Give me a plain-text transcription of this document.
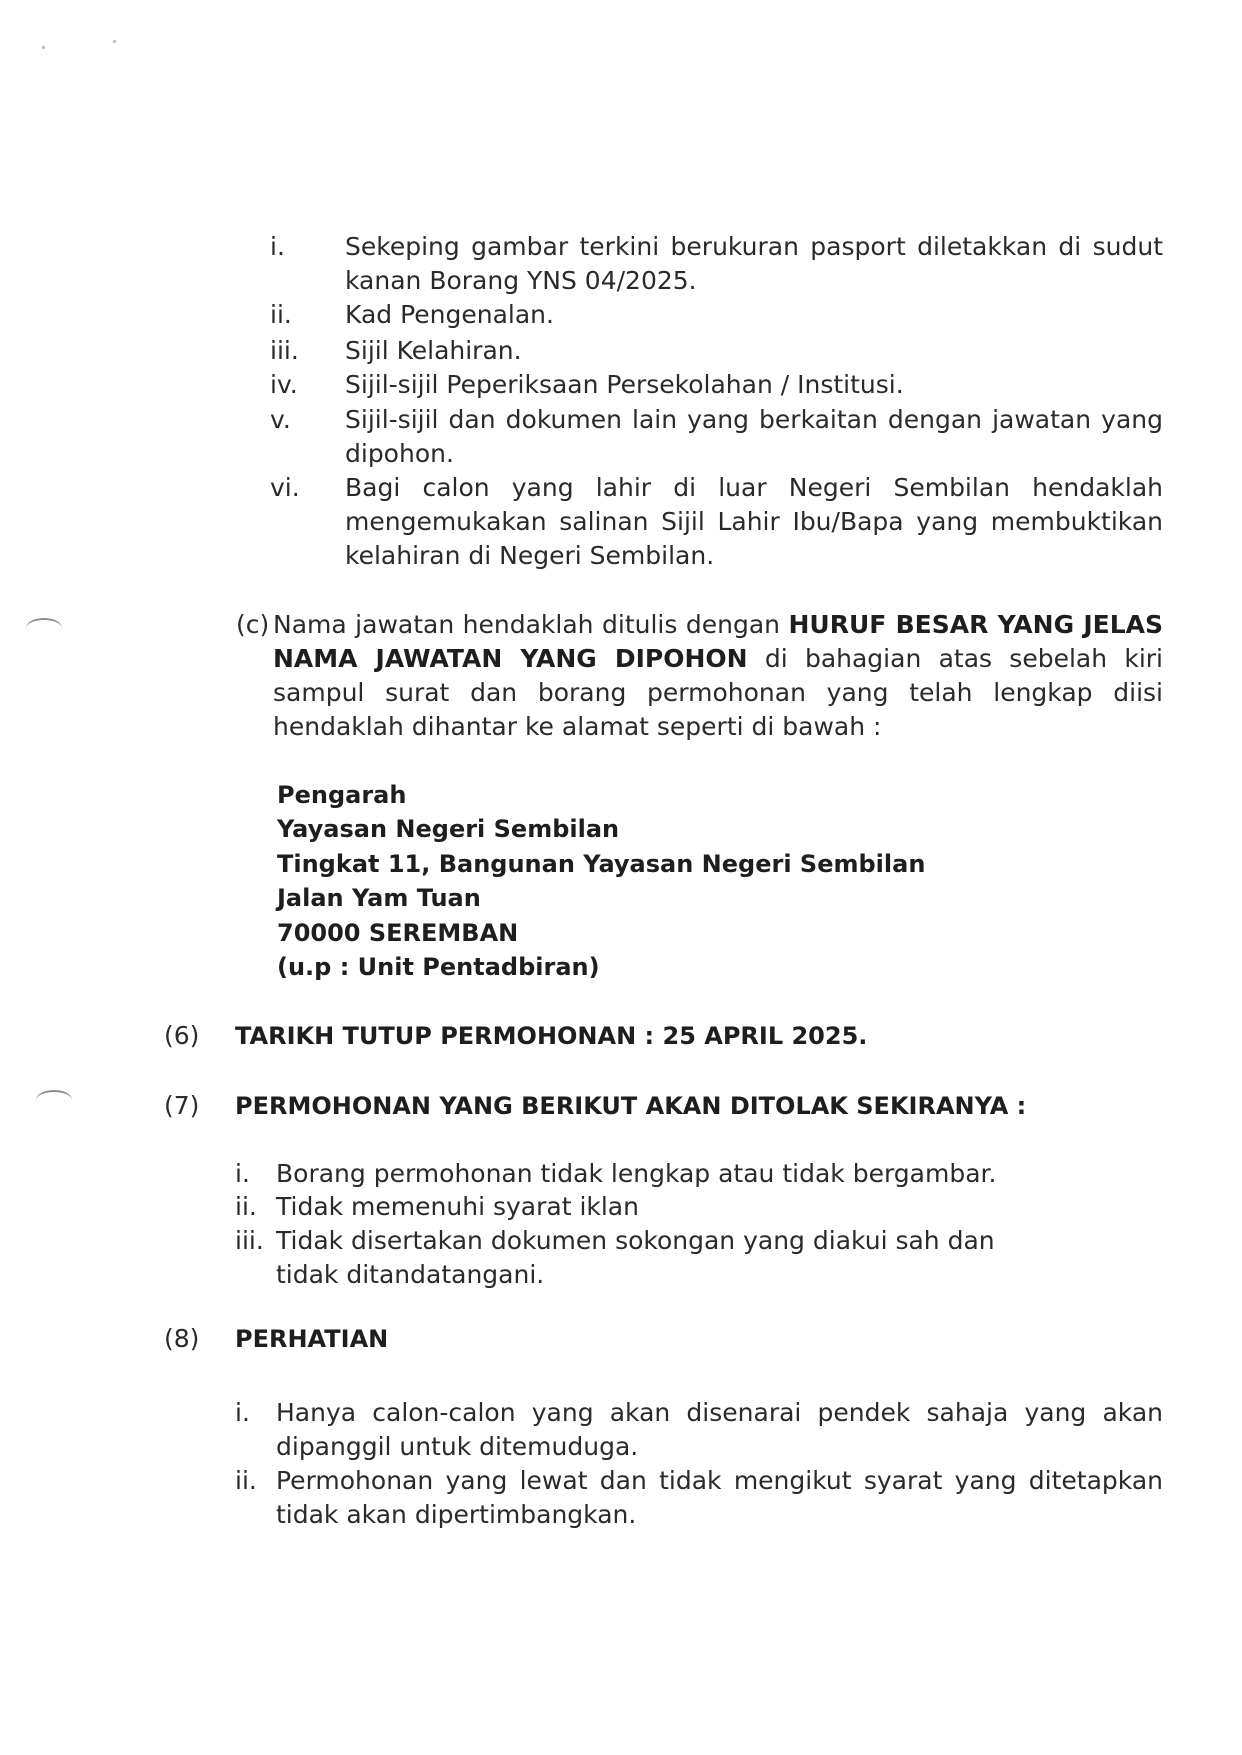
i. Sekeping gambar terkini berukuran pasport diletakkan di sudut kanan Borang YNS 04/2025.
ii. Kad Pengenalan.
iii. Sijil Kelahiran.
iv. Sijil-sijil Peperiksaan Persekolahan / Institusi.
v. Sijil-sijil dan dokumen lain yang berkaitan dengan jawatan yang dipohon.
vi. Bagi calon yang lahir di luar Negeri Sembilan hendaklah mengemukakan salinan Sijil Lahir Ibu/Bapa yang membuktikan kelahiran di Negeri Sembilan.
(c) Nama jawatan hendaklah ditulis dengan HURUF BESAR YANG JELAS NAMA JAWATAN YANG DIPOHON di bahagian atas sebelah kiri sampul surat dan borang permohonan yang telah lengkap diisi hendaklah dihantar ke alamat seperti di bawah :
Pengarah
Yayasan Negeri Sembilan
Tingkat 11, Bangunan Yayasan Negeri Sembilan
Jalan Yam Tuan
70000 SEREMBAN
(u.p : Unit Pentadbiran)
(6) TARIKH TUTUP PERMOHONAN : 25 APRIL 2025.
(7) PERMOHONAN YANG BERIKUT AKAN DITOLAK SEKIRANYA :
i. Borang permohonan tidak lengkap atau tidak bergambar.
ii. Tidak memenuhi syarat iklan
iii. Tidak disertakan dokumen sokongan yang diakui sah dan tidak ditandatangani.
(8) PERHATIAN
i. Hanya calon-calon yang akan disenarai pendek sahaja yang akan dipanggil untuk ditemuduga.
ii. Permohonan yang lewat dan tidak mengikut syarat yang ditetapkan tidak akan dipertimbangkan.
